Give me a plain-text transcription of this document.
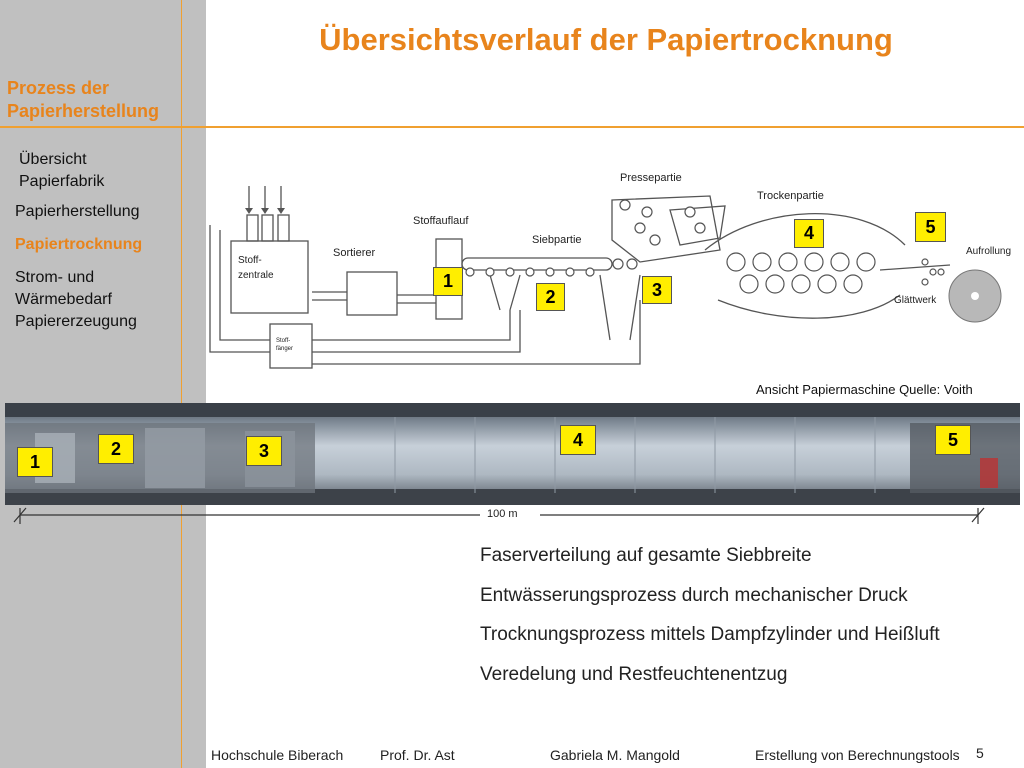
Übersichtsverlauf der Papiertrocknung
Prozess der Papierherstellung
Übersicht Papierfabrik
Papierherstellung
Papiertrocknung
Strom- und Wärmebedarf Papiererzeugung
Stoff-
zentrale
Sortierer
Stoffauflauf
Siebpartie
Pressepartie
Trockenpartie
Aufrollung
Glättwerk
Stoff-
fänger
1
2	3
4	5
Ansicht Papiermaschine Quelle: Voith
1
2	3
4	5
100 m
Faserverteilung auf gesamte Siebbreite
Entwässerungsprozess durch mechanischer Druck
Trocknungsprozess mittels Dampfzylinder und Heißluft
Veredelung und Restfeuchtenentzug
Hochschule Biberach	Prof. Dr. Ast	Gabriela M. Mangold	Erstellung von Berechnungstools 5
